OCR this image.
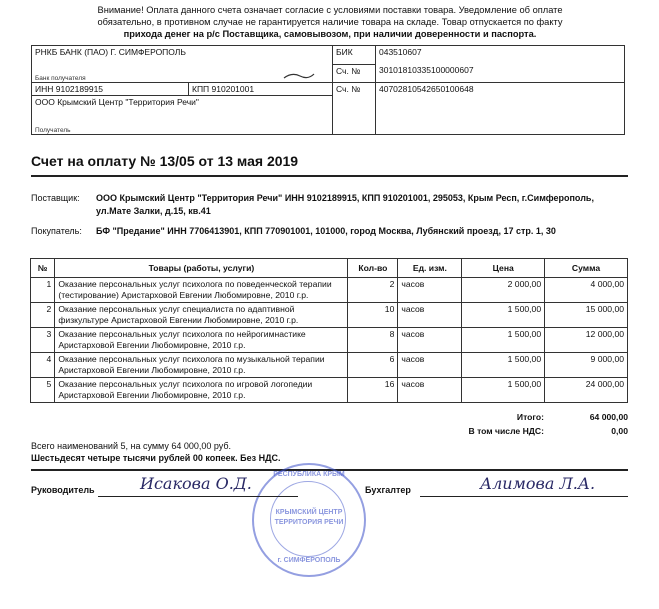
Внимание! Оплата данного счета означает согласие с условиями поставки товара. Уведомление об оплате
обязательно, в противном случае не гарантируется наличие товара на складе. Товар отпускается по факту
прихода денег на р/с Поставщика, самовывозом, при наличии доверенности и паспорта.
РНКБ БАНК (ПАО) Г. СИМФЕРОПОЛЬ
Банк получателя		БИК	043510607
		Сч. №	30101810335100000607
ИНН 9102189915	КПП 910201001	Сч. №	40702810542650100648

ООО Крымский Центр "Территория Речи"
Получатель			
Счет на оплату № 13/05 от 13 мая 2019
Поставщик: ООО Крымский Центр "Территория Речи" ИНН 9102189915, КПП 910201001, 295053, Крым Респ, г.Симферополь,
ул.Мате Залки, д.15, кв.41
Покупатель: БФ "Предание" ИНН 7706413901, КПП 770901001, 101000, город Москва, Лубянский проезд, 17 стр. 1, 30
№	Товары (работы, услуги)	Кол-во	Ед. изм.	Цена	Сумма
1	Оказание персональных услуг психолога по поведенческой терапии
(тестирование) Аристарховой Евгении Любомировне, 2010 г.р.	2	часов	2 000,00	4 000,00
2	Оказание персональных услуг специалиста по адаптивной
физкультуре Аристарховой Евгении Любомировне, 2010 г.р.	10	часов	1 500,00	15 000,00
3	Оказание персональных услуг психолога по нейрогимнастике
Аристарховой Евгении Любомировне, 2010 г.р.	8	часов	1 500,00	12 000,00
4	Оказание персональных услуг психолога по музыкальной терапии
Аристарховой Евгении Любомировне, 2010 г.р.	6	часов	1 500,00	9 000,00
5	Оказание персональных услуг психолога по игровой логопедии
Аристарховой Евгении Любомировне, 2010 г.р.	16	часов	1 500,00	24 000,00
Итого:	64 000,00
В том числе НДС:	0,00
Всего наименований 5, на сумму 64 000,00 руб.
Шестьдесят четыре тысячи рублей 00 копеек. Без НДС.
РЕСПУБЛИКА КРЫМ
КРЫМСКИЙ ЦЕНТР
ТЕРРИТОРИЯ РЕЧИ
г. СИМФЕРОПОЛЬ
Руководитель	Исакова О.Д.	Бухгалтер	Алимова Л.А.
